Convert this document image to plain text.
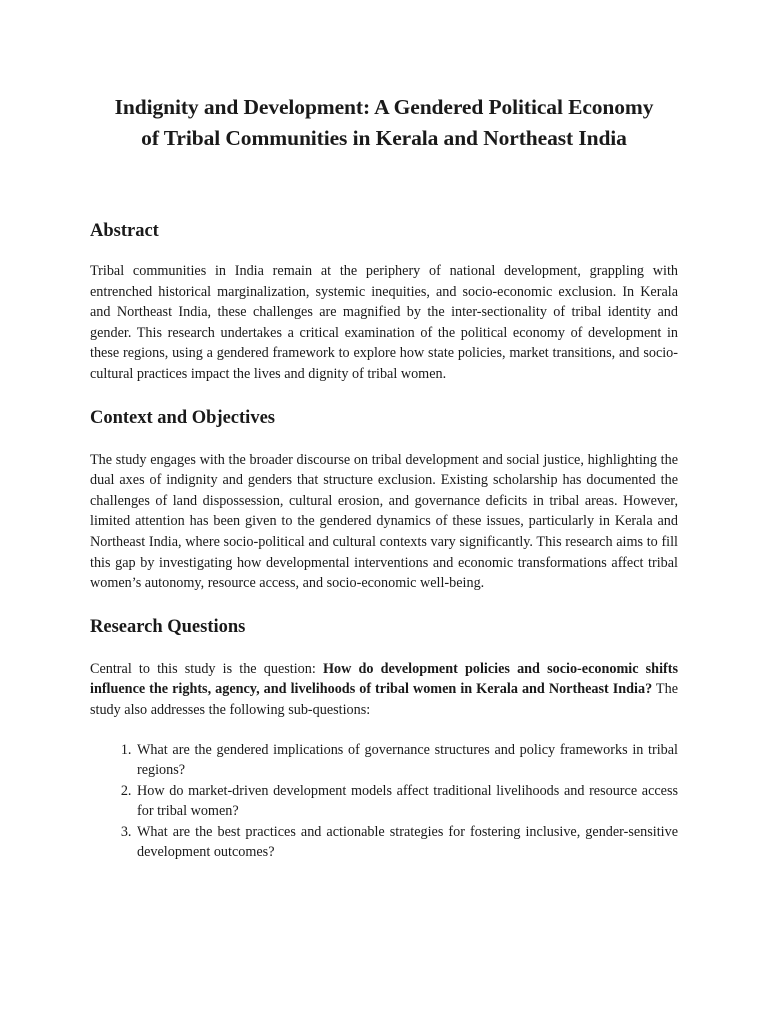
Indignity and Development: A Gendered Political Economy
of Tribal Communities in Kerala and Northeast India
Abstract

Tribal communities in India remain at the periphery of national development, grappling with entrenched historical marginalization, systemic inequities, and socio-economic exclusion. In Kerala and Northeast India, these challenges are magnified by the inter-sectionality of tribal identity and gender. This research undertakes a critical examination of the political economy of development in these regions, using a gendered framework to explore how state policies, market transitions, and socio-cultural practices impact the lives and dignity of tribal women.

Context and Objectives

The study engages with the broader discourse on tribal development and social justice, highlighting the dual axes of indignity and genders that structure exclusion. Existing scholarship has documented the challenges of land dispossession, cultural erosion, and governance deficits in tribal areas. However, limited attention has been given to the gendered dynamics of these issues, particularly in Kerala and Northeast India, where socio-political and cultural contexts vary significantly. This research aims to fill this gap by investigating how developmental interventions and economic transformations affect tribal women’s autonomy, resource access, and socio-economic well-being.

Research Questions

Central to this study is the question: How do development policies and socio-economic shifts influence the rights, agency, and livelihoods of tribal women in Kerala and Northeast India? The study also addresses the following sub-questions:

1. What are the gendered implications of governance structures and policy frameworks in tribal regions?
2. How do market-driven development models affect traditional livelihoods and resource access for tribal women?
3. What are the best practices and actionable strategies for fostering inclusive, gender-sensitive development outcomes?
